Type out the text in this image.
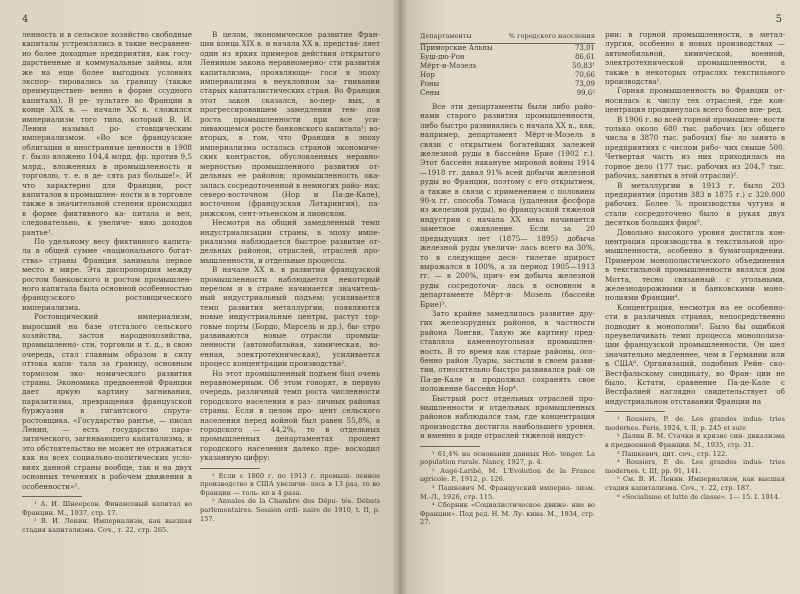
4

ленность и в сельское хозяйство свободные капиталы устремлялись в такие несравнен- но более доходные предприятия, как госу- дарственные и коммунальные займы, или же на еще более выгодных условиях экспор- тировались за границу (также преимуществен- венно в форме ссудного капитала). В ре- зультате во Франции в конце XIX в. — начале XX в. сложился империализм того типа, который В. И. Ленин называл ро- стовщическим империализмом. «Во все французские облигации и иностранные ценности в 1908 г. было вложено 104,4 млрд. фр. против 9,5 млрд., вложенных в промышленность и торговлю, т. е. в де- сять раз больше!». И что характерно для Франции, рост капиталов в промышлен- ности и в торговле также в значительной степени происходил в форме фиктивного ка- питала и вел, следовательно, к увеличе- нию доходов рантье¹.

По удельному весу фиктивного капита- ла в общей сумме «национального богат- ства» страны Франция занимала первое место в мире. Эта диспропорция между ростом банковского и ростом промышлен- ного капитала была основной особенностью французского ростовщического империализма.

Ростовщический империализм, выросший на базе отсталого сельского хозяйства, застоя народнохозяйства, промышленно- сти, торговли и т. д., в свою очередь, стал главным образом в силу оттока капи- тала за границу, основным тормозом эко- номического развития страны. Экономика предвоенной Франции дает яркую картину загнивания, паразитизма, превращения французской буржуазии в гигантского спрута-ростовщика. «Государство рантье, — писал Ленин, — есть государство пара- зитического, загнивающего капитализма, и это обстоятельство не может не отражаться как на всех социально-политических усло- виях данной страны вообще, так и на двух основных течениях в рабочем движении в особенности»².

¹ А. И. Шнеерсон. Финансовый капитал во Франции. М., 1937, стр. 17.

² В. И. Ленин. Империализм, как высшая стадия капитализма. Соч., т. 22, стр. 265.

В целом, экономическое развитие Фран- ции конца XIX в. и начала XX в. представ- ляет один из ярких примеров действия открытого Лениным закона неравномерно- сти развития капитализма, проявляюще- гося в эпоху империализма в неуклонном за- гнивании старых капиталистических стран. Во Франции этот закон сказался, во-пер- вых, в прогрессировавшем замедлении тем- пов роста промышленности при все уси- ливающемся росте банковского капитала¹; во-вторых, в том, что Франция в эпоху империализма осталась страной экономиче- ских контрастов, обусловленных неравно- мерностью промышленного развития от- дельных ее районов; промышленность ока- залась сосредоточенной в немногих райо- нах: северо-восточном (Нор и Па-де-Кале), восточном (французская Лотарингия), па- рижском, сент-этьенском и лионском.

Несмотря на общий замедленный темп индустриализации страны, в эпоху импе- риализма наблюдается быстрое развитие от- дельных районов, отраслей, отраслей про- мышленности, и отдельные процессы.

В начале XX в. в развитии французской промышленности наблюдается некоторый перелом и в стране начинается значитель- ный индустриальный подъем; усиливается темп развития металлургии, появляются новые индустриальные центры, растут тор- говые порты (Бордо, Марсель и др.), бы- стро развиваются новые отрасли промыш- ленности (автомобильная, химическая, во- енная, электротехническая), усиливается процесс концентрации производства².

Но этот промышленный подъем был очень неравномерным. Об этом говорят, в первую очередь, различный темп роста численности городского населения в раз- личных районах страны. Если в целом про- цент сельского населения перед войной был равен 55,8%, а городского — 44,2%, то в отдельных промышленных департаментах процент городского населения далеко пре- восходил указанную цифру:

¹ Если с 1860 г. по 1913 г. промыш- ленное производство в США увеличи- лось в 13 раз, то во Франции — толь- ко в 4 раза.

² Annales de la Chambre des Dépu- tés. Débats parlementaires. Session ordi- naire de 1910, t. II, p. 157.

5
Департаменты	% городского населения
Приморские Альпы	73,01
Буш-дю-Рон	86,61
Мёрт-и-Мозель	50,83¹
Нор	70,66
Роны	73,09
Сены	99,6²

Все эти департаменты были либо райо- нами старого развития промышленности, либо быстро развивались с начала XX в., как, например, департамент Мёрт-и-Мозель в связи с открытием богатейших залежей железной руды в бассейне Брие (1902 г.). Этот бассейн накануне мировой войны 1914—1918 гг. давал 91% всей добычи железной руды во Франции, поэтому с его открытием, а также в связи с применением с половины 90-х гг. способа Томаса (удаления фосфора из железной руды), во французской тяжелой индустрии с начала XX века начинается заметное оживление. Если за 20 предыдущих лет (1875— 1895) добыча железной руды увеличи- лась всего на 30%, то в следующее деся- тилетие прирост выражался в 100%, а за период 1905—1913 гг. — в 200%, прич- ем добыча железной руды сосредоточи- лась в основном в департаменте Мёрт-и- Мозель (бассейн Брие)³.

Зато крайне замедлилось развитие дру- гих железорудных районов, в частности района Лонгви. Такую же картину пред- ставляла каменноугольная промышлен- ность. В то время как старые районы, осо- бенно район Луары, застыли в своем разви- тии, относительно быстро развивался рай- он Па-де-Кале и продолжал сохранять свое положение бассейн Нор⁴.

Быстрый рост отдельных отраслей про- мышленности и отдельных промышленных районов наблюдался там, где концентрация производства достигла наибольшего уровня, и именно в ряде отраслей тяжелой индуст-

¹ 61,4% на основании данных Hot- tenger. La population rurale. Nancy, 1927, p. 4.

² Augé-Laribé, M. L'Evolution de la France agricole. P., 1912, p. 126.

³ Пашкевич М. Французский империа- лизм. М.-Л., 1926, стр. 115.

⁴ Сборник «Социалистическое движе- ние во Франции». Под ред. Н. М. Лу- кина. М., 1934, стр. 27.

рии: в горной промышленности, в метал- лургии, особенно в новых производствах — автомобильной, химической, военной, электротехнической промышленности, а также в некоторых отраслях текстильного производства¹.

Горная промышленность во Франции от- носилась к числу тех отраслей, где кон- центрация продвинулась всего более впе- ред.

В 1906 г. во всей горной промышлен- ности только около 680 тыс. рабочих (из общего числа в 3870 тыс. рабочих) бы- ло занято в предприятиях с числом рабо- чих свыше 500. Четвертая часть из них приходилась на горное дело (177 тыс. рабочих из 204,7 тыс. рабочих, занятых в этой отрасли)².

В металлургии в 1913 г. было 203 предприятия (против 383 в 1875 г.) с 320.000 рабочих. Более ⁷⁄₈ производства чугуна и стали сосредоточено было в руках двух десятков больших фирм³.

Довольно высокого уровня достигла кон- центрация производства в текстильной про- мышленности, особенно в бумагопрядении. Примером монополистического объединения в текстильной промышленности являлся дом Мотта, тесно связанный с угольными, железнодорожными и банковскими моно- полиями Франции⁴.

Концентрация, несмотря на ее особенно- сти в различных странах, непосредственно подводит к монополии⁵. Было бы ошибкой преувеличивать темп процесса монополиза- ции французской промышленности. Он шел значительно медленнее, чем в Германии или в США⁶. Организаций, подобных Рейн- ско-Вестфальскому синдикату, во Фран- ции не было. Кстати, сравнение Па-де-Кале с Вестфалией наглядно свидетельствует об индустриальном отставании Франции на

¹ Rousiers, P. de. Les grandes indus- tries modernes. Paris, 1924, t. II, p. 245 et suiv.

² Далин В. М. Стачки и кризис син- дикализма в предвоенной Франции. М., 1935, стр. 31.

³ Пашкевич, цит. соч., стр. 122.

⁴ Rousiers, P. de. Les grandes indus- tries modernes. t. III, pp. 91, 141.

⁵ См. В. И. Ленин. Империализм, как высшая стадия капитализма. Соч., т. 22, стр. 187.

⁶ «Socialisme et lutte de classe». 1— 15. I. 1914.
